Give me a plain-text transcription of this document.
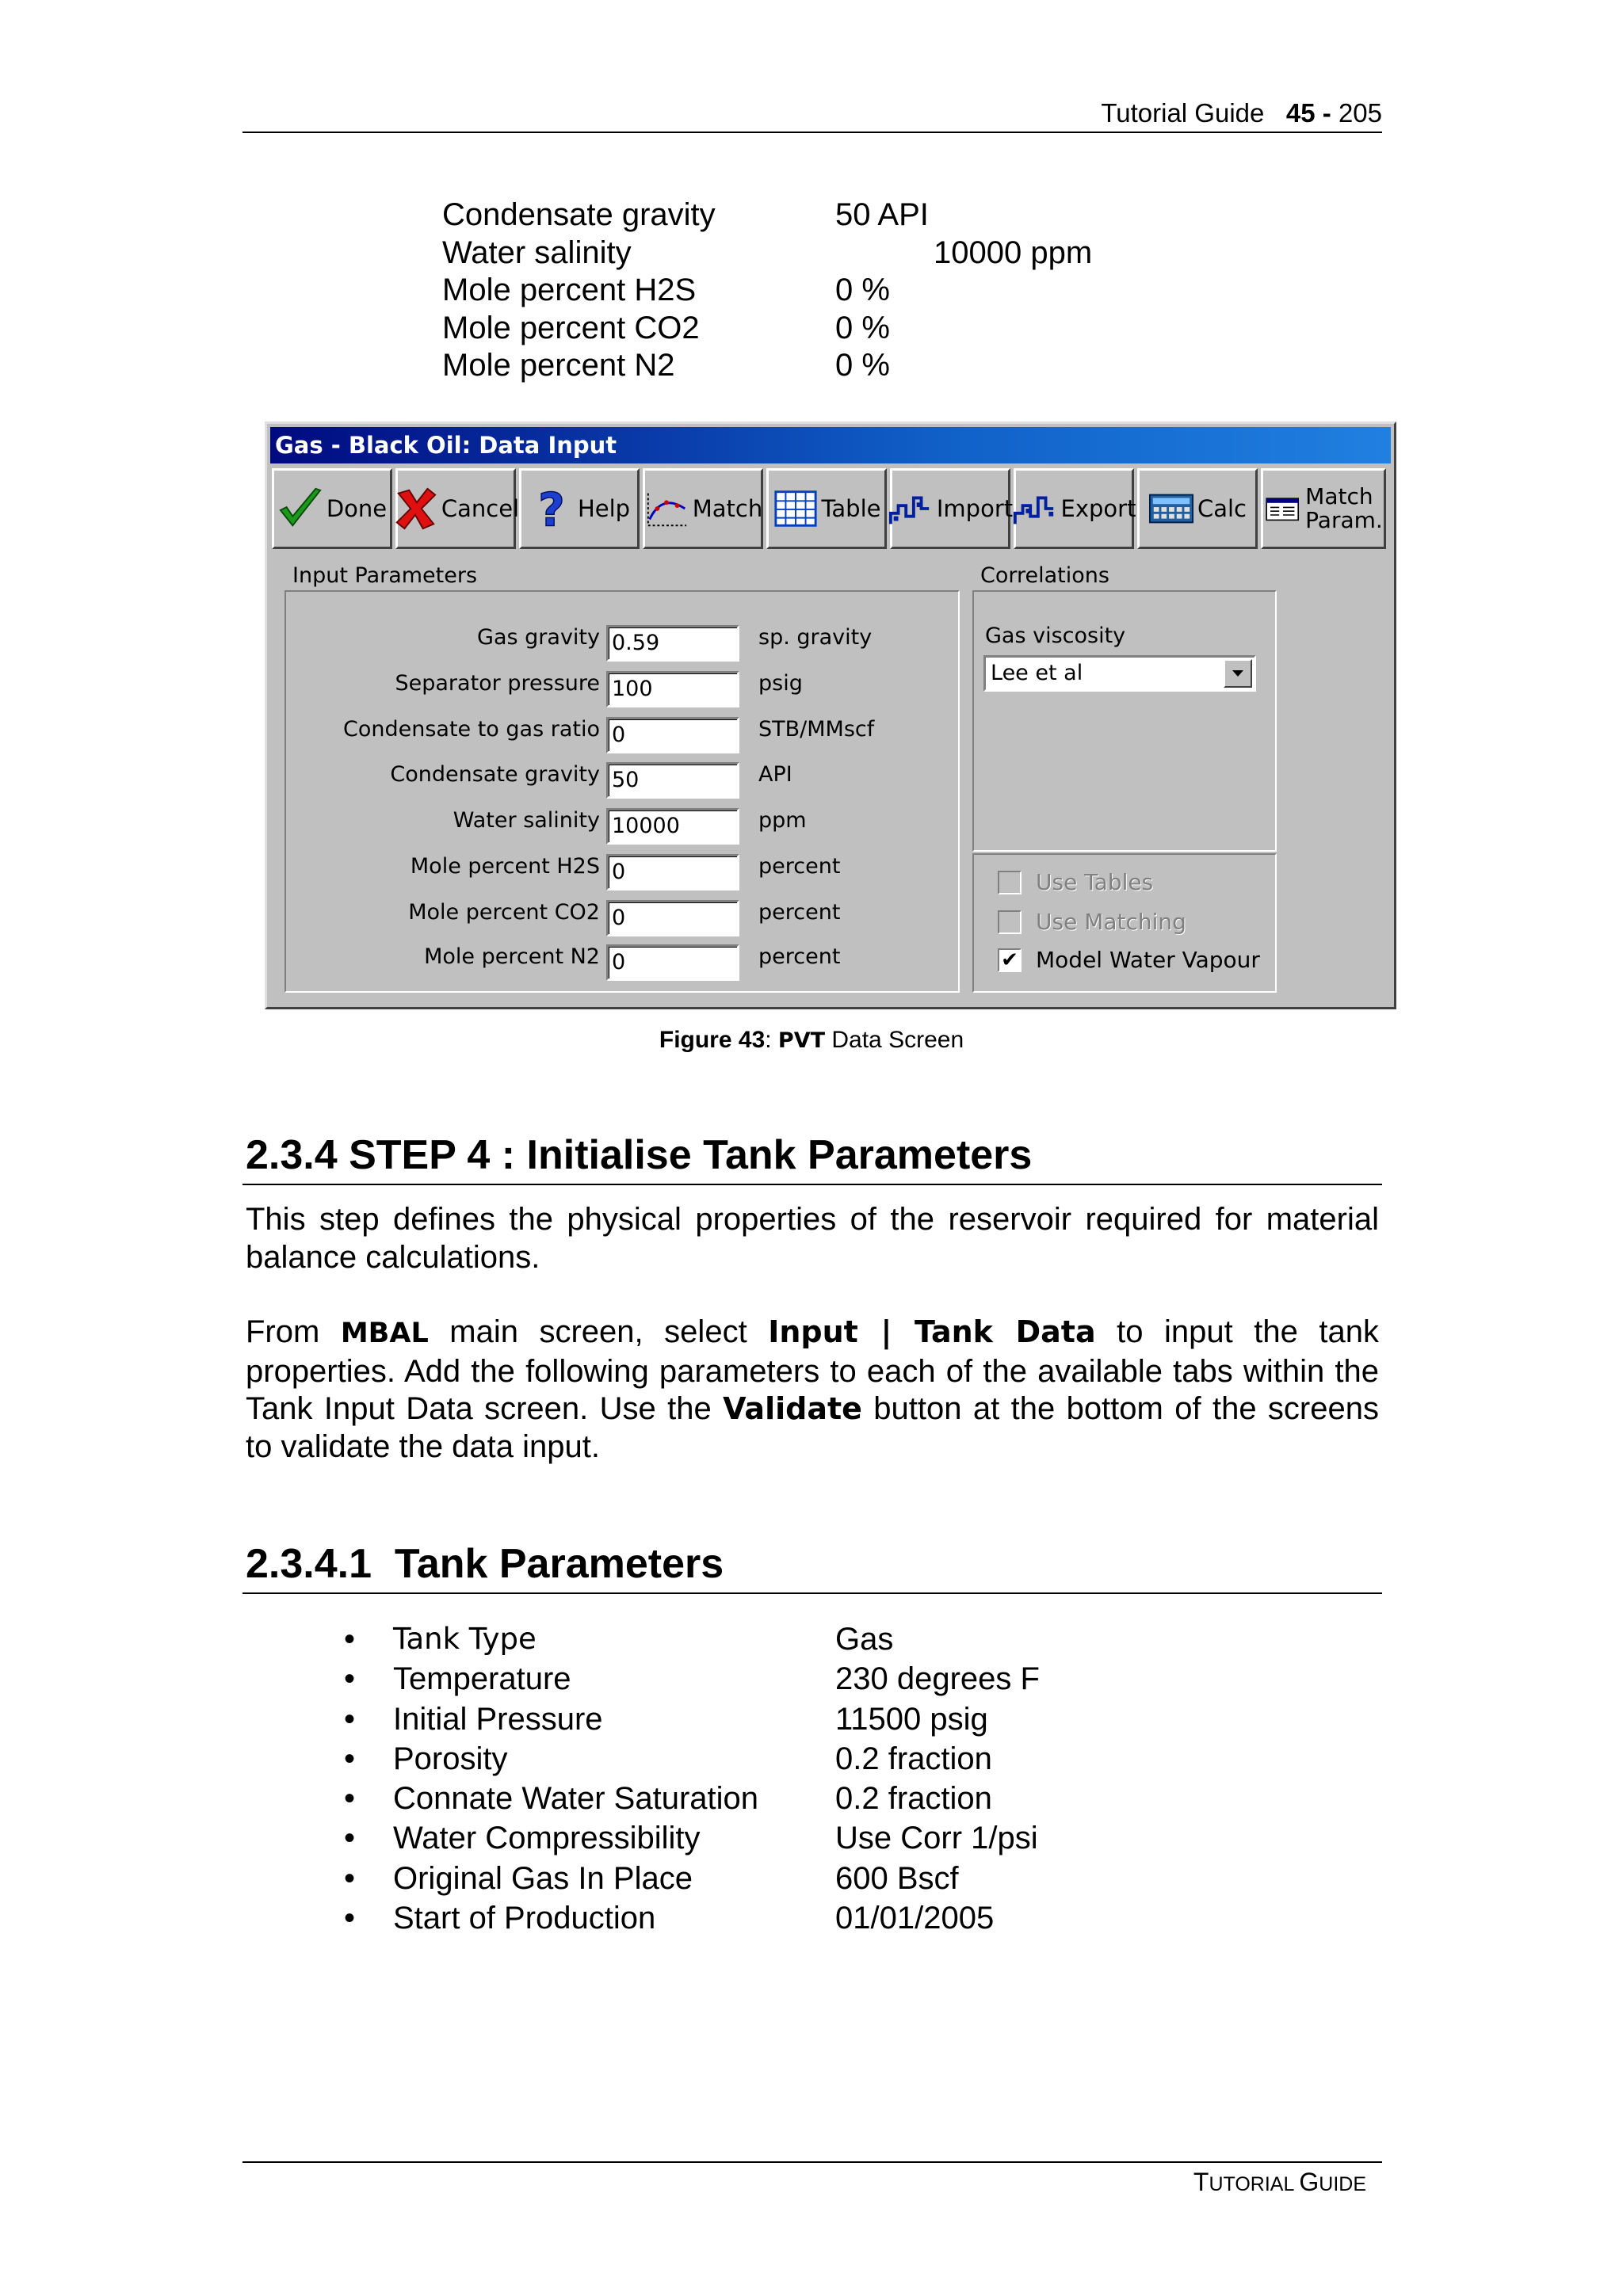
Tutorial Guide 45 - 205
Condensate gravity	50 API
Water salinity	10000 ppm
Mole percent H2S	0 %
Mole percent CO2	0 %
Mole percent N2	0 %
Gas - Black Oil: Data Input
Done Cancel ? Help	Match	Table Import Export	Calc	Match
Param.
Input Parameters
Gas gravity 0.59	sp. gravity
Separator pressure 100	psig
Condensate to gas ratio 0	STB/MMscf
Condensate gravity 50	API
Water salinity 10000	ppm
Mole percent H2S 0	percent
Mole percent CO2 0	percent
Mole percent N2 0	percent
Correlations
Gas viscosity
Lee et al
Use Tables
Use Matching
✔ Model Water Vapour
Figure 43: PVT Data Screen
2.3.4 STEP 4 : Initialise Tank Parameters
This step defines the physical properties of the reservoir required for material balance calculations.
From MBAL main screen, select Input | Tank Data to input the tank properties. Add the following parameters to each of the available tabs within the Tank Input Data screen. Use the Validate button at the bottom of the screens to validate the data input.
2.3.4.1  Tank Parameters
• Tank Type	Gas
• Temperature	230 degrees F
• Initial Pressure	11500 psig
• Porosity	0.2 fraction
• Connate Water Saturation 0.2 fraction
• Water Compressibility	Use Corr 1/psi
• Original Gas In Place	600 Bscf
• Start of Production	01/01/2005
TUTORIAL GUIDE
